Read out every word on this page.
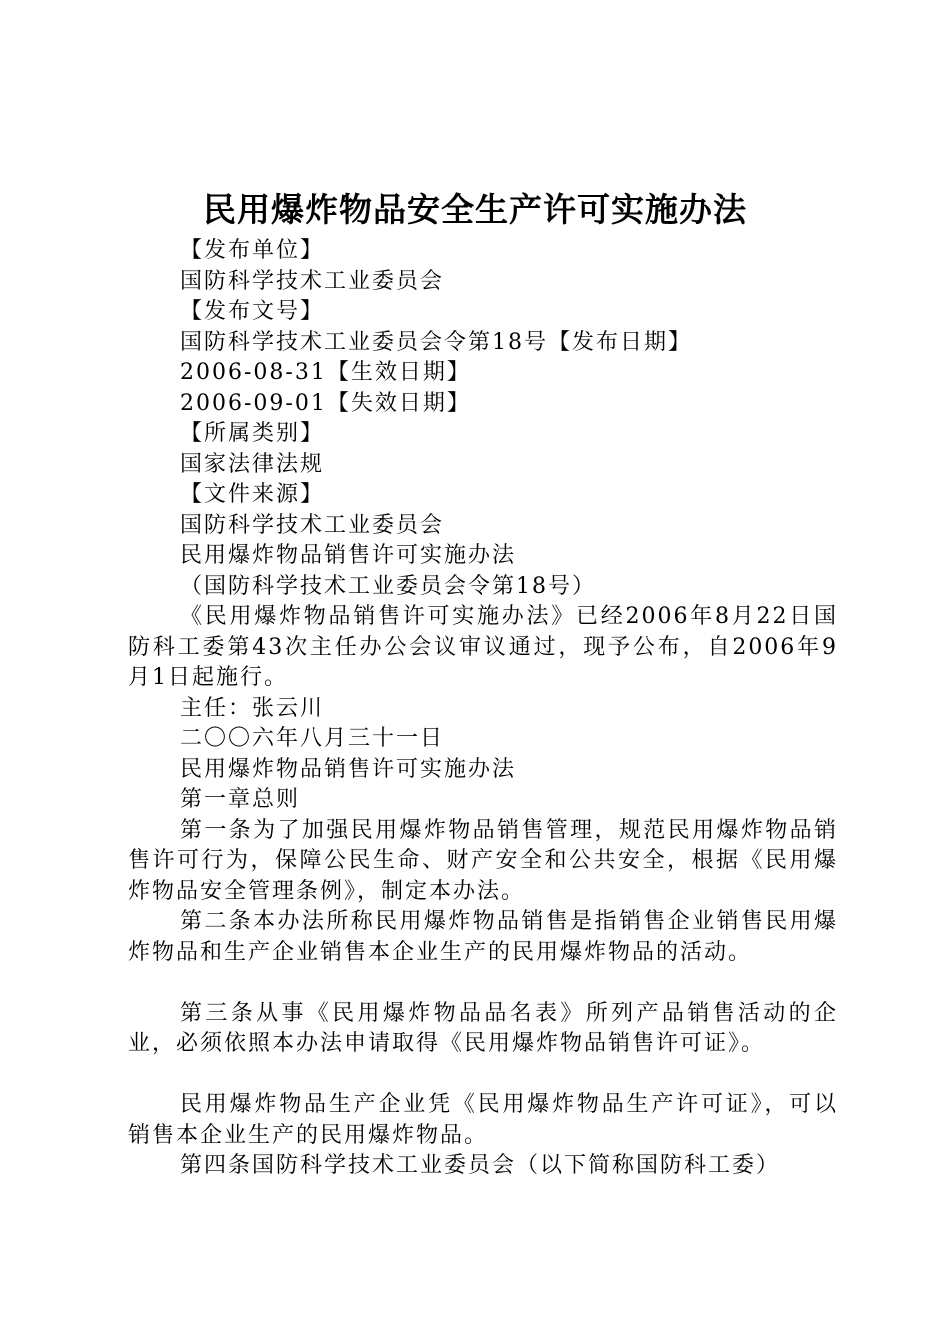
民用爆炸物品安全生产许可实施办法

【发布单位】

国防科学技术工业委员会

【发布文号】

国防科学技术工业委员会令第18号【发布日期】

2006-08-31【生效日期】

2006-09-01【失效日期】

【所属类别】

国家法律法规

【文件来源】

国防科学技术工业委员会

民用爆炸物品销售许可实施办法

（国防科学技术工业委员会令第18号）

《民用爆炸物品销售许可实施办法》已经2006年8月22日国防科工委第43次主任办公会议审议通过，现予公布，自2006年9月1日起施行。

主任：张云川

二〇〇六年八月三十一日

民用爆炸物品销售许可实施办法

第一章总则

第一条为了加强民用爆炸物品销售管理，规范民用爆炸物品销售许可行为，保障公民生命、财产安全和公共安全，根据《民用爆炸物品安全管理条例》，制定本办法。

第二条本办法所称民用爆炸物品销售是指销售企业销售民用爆炸物品和生产企业销售本企业生产的民用爆炸物品的活动。

第三条从事《民用爆炸物品品名表》所列产品销售活动的企业，必须依照本办法申请取得《民用爆炸物品销售许可证》。

民用爆炸物品生产企业凭《民用爆炸物品生产许可证》，可以销售本企业生产的民用爆炸物品。

第四条国防科学技术工业委员会（以下简称国防科工委）
